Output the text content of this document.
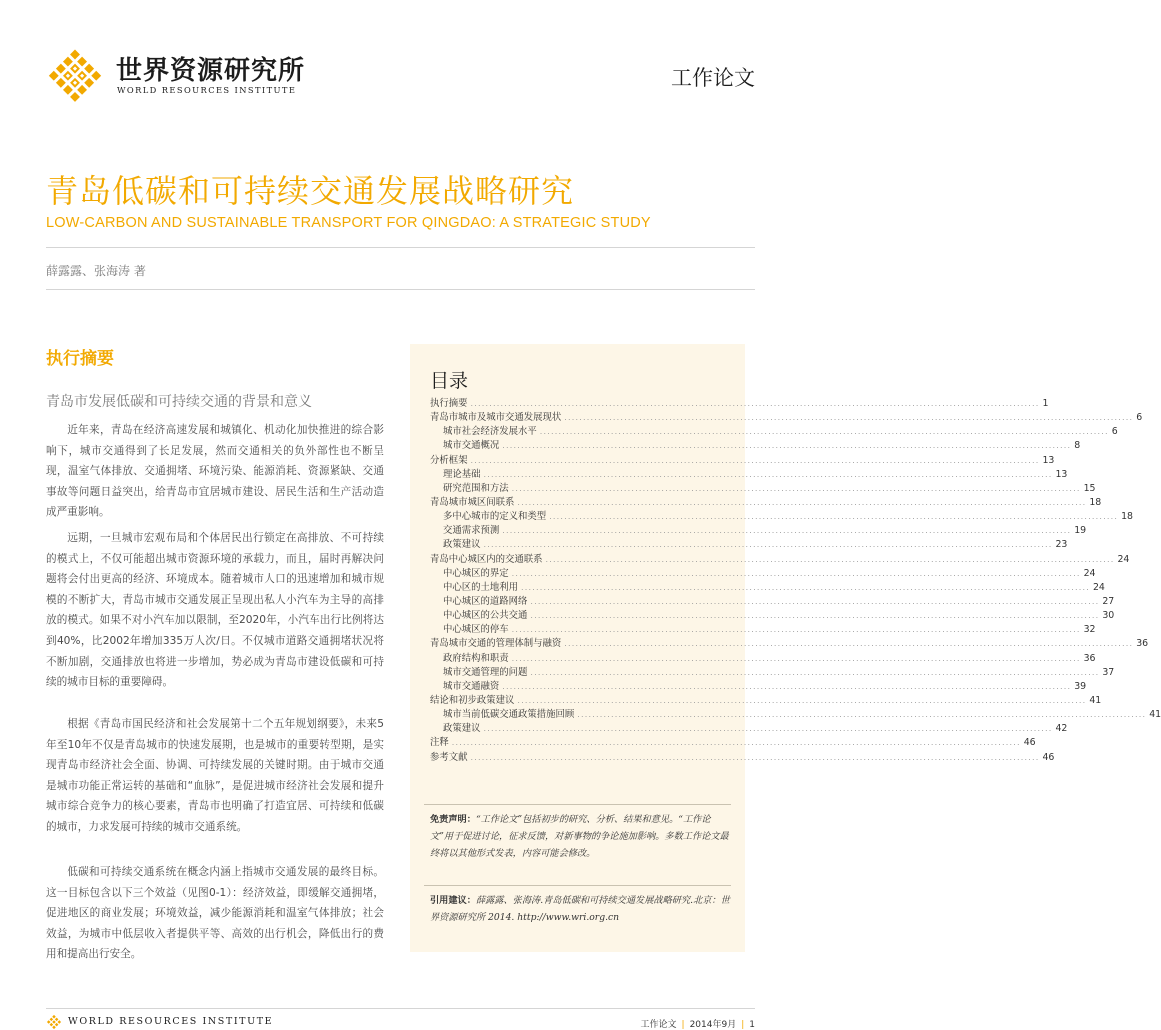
世界资源研究所
WORLD RESOURCES INSTITUTE	工作论文
青岛低碳和可持续交通发展战略研究
LOW-CARBON AND SUSTAINABLE TRANSPORT FOR QINGDAO: A STRATEGIC STUDY
薛露露、张海涛 著
执行摘要
青岛市发展低碳和可持续交通的背景和意义

近年来，青岛在经济高速发展和城镇化、机动化加快推进的综合影响下，城市交通得到了长足发展，然而交通相关的负外部性也不断呈现，温室气体排放、交通拥堵、环境污染、能源消耗、资源紧缺、交通事故等问题日益突出，给青岛市宜居城市建设、居民生活和生产活动造成严重影响。

远期，一旦城市宏观布局和个体居民出行锁定在高排放、不可持续的模式上，不仅可能超出城市资源环境的承载力，而且，届时再解决问题将会付出更高的经济、环境成本。随着城市人口的迅速增加和城市规模的不断扩大，青岛市城市交通发展正呈现出私人小汽车为主导的高排放的模式。如果不对小汽车加以限制，至2020年，小汽车出行比例将达到40%，比2002年增加335万人次/日。不仅城市道路交通拥堵状况将不断加剧，交通排放也将进一步增加，势必成为青岛市建设低碳和可持续的城市目标的重要障碍。

根据《青岛市国民经济和社会发展第十二个五年规划纲要》，未来5年至10年不仅是青岛城市的快速发展期，也是城市的重要转型期，是实现青岛市经济社会全面、协调、可持续发展的关键时期。由于城市交通是城市功能正常运转的基础和“血脉”，是促进城市经济社会发展和提升城市综合竞争力的核心要素，青岛市也明确了打造宜居、可持续和低碳的城市，力求发展可持续的城市交通系统。

低碳和可持续交通系统在概念内涵上指城市交通发展的最终目标。这一目标包含以下三个效益（见图0-1）：经济效益，即缓解交通拥堵，促进地区的商业发展；环境效益，减少能源消耗和温室气体排放；社会效益，为城市中低层收入者提供平等、高效的出行机会，降低出行的费用和提高出行安全。

目录
执行摘要 .....	1
青岛市城市及城市交通发展现状 .....	6
城市社会经济发展水平 .....	6
城市交通概况 .....	8
分析框架 .....	13
理论基础 .....	13
研究范围和方法 .....	15
青岛城市城区间联系 .....	18
多中心城市的定义和类型 .....	18
交通需求预测 .....	19
政策建议 .....	23
青岛中心城区内的交通联系 .....	24
中心城区的界定 .....	24
中心区的土地利用 .....	24
中心城区的道路网络 .....	27
中心城区的公共交通 .....	30
中心城区的停车 .....	32
青岛城市交通的管理体制与融资 .....	36
政府结构和职责 .....	36
城市交通管理的问题 .....	37
城市交通融资 .....	39
结论和初步政策建议 .....	41
城市当前低碳交通政策措施回顾 .....	41
政策建议 .....	42
注释 .....	46
参考文献 .....	46
免责声明：“工作论文”包括初步的研究、分析、结果和意见。“工作论文”用于促进讨论，征求反馈，对新事物的争论施加影响。多数工作论文最终将以其他形式发表，内容可能会修改。
引用建议：薛露露、张海涛.青岛低碳和可持续交通发展战略研究.北京：世界资源研究所 2014. http://www.wri.org.cn
WORLD RESOURCES INSTITUTE	工作论文 | 2014年9月 | 1
